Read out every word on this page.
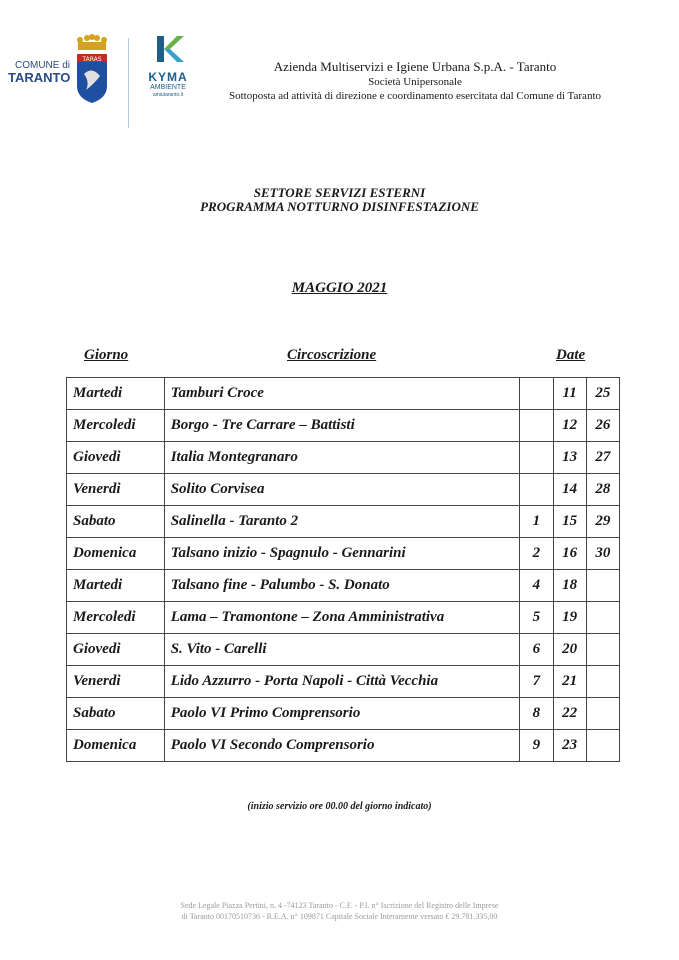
COMUNE di
TARANTO
TARAS
KYMA
AMBIENTE
amiutaranto.it
Azienda Multiservizi e Igiene Urbana S.p.A. - Taranto
Società Unipersonale
Sottoposta ad attività di direzione e coordinamento esercitata dal Comune di Taranto
SETTORE SERVIZI ESTERNI
PROGRAMMA NOTTURNO DISINFESTAZIONE
MAGGIO 2021
Giorno	Circoscrizione	Date
Martedi	Tamburi Croce		11	25
Mercoledi	Borgo - Tre Carrare – Battisti		12	26
Giovedi	Italia Montegranaro		13	27
Venerdi	Solito Corvisea		14	28
Sabato	Salinella - Taranto 2	1	15	29
Domenica	Talsano inizio - Spagnulo - Gennarini	2	16	30
Martedi	Talsano fine - Palumbo - S. Donato	4	18	
Mercoledi	Lama – Tramontone – Zona Amministrativa	5	19	
Giovedi	S. Vito - Carelli	6	20	
Venerdi	Lido Azzurro - Porta Napoli - Città Vecchia	7	21	
Sabato	Paolo VI Primo Comprensorio	8	22	
Domenica	Paolo VI Secondo Comprensorio	9	23	
(inizio servizio ore 00.00 del giorno indicato)
Sede Legale Piazza Pertini, n. 4 -74123 Taranto - C.F. - P.I. n° Iscrizione del Registro delle Imprese
di Taranto 00170510736 - R.E.A. n° 109871 Capitale Sociale Interamente versato € 29.781.335,00
